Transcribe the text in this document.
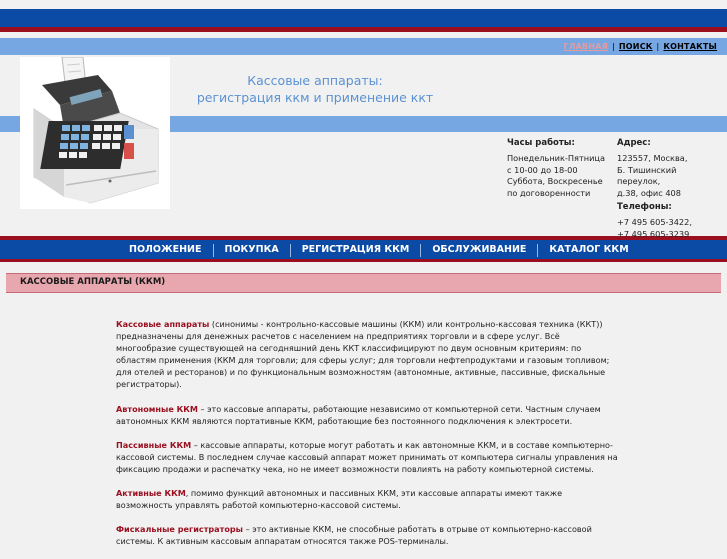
ГЛАВНАЯ | ПОИСК | КОНТАКТЫ
Кассовые аппараты:
регистрация ккм и применение ккт
Часы работы:

Понедельник-Пятница

с 10-00 до 18-00

Суббота, Воскресенье

по договоренности

Адрес:

123557, Москва,

Б. Тишинский

переулок,

д.38, офис 408

Телефоны:

+7 495 605-3422,

+7 495 605-3239

ПОЛОЖЕНИЕ	ПОКУПКА	РЕГИСТРАЦИЯ ККМ	ОБСЛУЖИВАНИЕ	КАТАЛОГ ККМ
КАССОВЫЕ АППАРАТЫ (ККМ)

Кассовые аппараты (синонимы - контрольно-кассовые машины (ККМ) или контрольно-кассовая техника (ККТ)) предназначены для денежных расчетов с населением на предприятиях торговли и в сфере услуг. Всё многообразие существующей на сегодняшний день ККТ классифицируют по двум основным критериям: по областям применения (ККМ для торговли; для сферы услуг; для торговли нефтепродуктами и газовым топливом; для отелей и ресторанов) и по функциональным возможностям (автономные, активные, пассивные, фискальные регистраторы).

Автономные ККМ – это кассовые аппараты, работающие независимо от компьютерной сети. Частным случаем автономных ККМ являются портативные ККМ, работающие без постоянного подключения к электросети.

Пассивные ККМ – кассовые аппараты, которые могут работать и как автономные ККМ, и в составе компьютерно-кассовой системы. В последнем случае кассовый аппарат может принимать от компьютера сигналы управления на фиксацию продажи и распечатку чека, но не имеет возможности повлиять на работу компьютерной системы.

Активные ККМ, помимо функций автономных и пассивных ККМ, эти кассовые аппараты имеют также возможность управлять работой компьютерно-кассовой системы.

Фискальные регистраторы – это активные ККМ, не способные работать в отрыве от компьютерно-кассовой системы. К активным кассовым аппаратам относятся также POS-терминалы.
